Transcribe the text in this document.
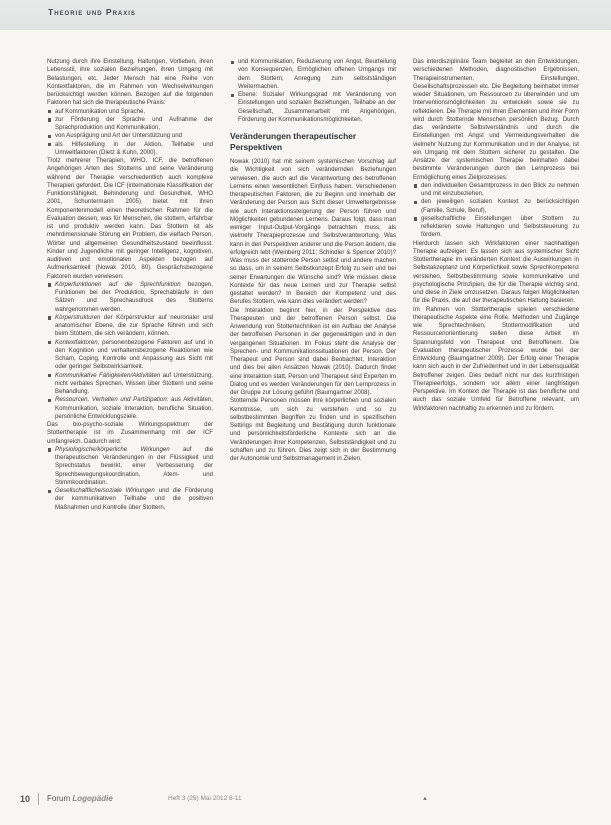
Theorie und Praxis

Nutzung durch ihre Einstellung, Haltungen, Vorlieben, ihren Lebensstil, ihre sozialen Beziehungen, ihren Umgang mit Belastungen, etc. Jeder Mensch hat eine Reihe von Kontextfaktoren, die im Rahmen von Wechselwirkungen berücksichtigt werden können. Bezogen auf die folgenden Faktoren hat sich die therapeutische Praxis:

auf Kommunikation und Sprache,
zur Förderung der Sprache und Aufnahme der Sprachproduktion und Kommunikation,
von Ausprägung und Art der Unterstützung und
als Hilfestellung in der Aktion, Teilhabe und Umweltfaktoren (Dietz & Kuhn, 2000).

Trotz mehrerer Therapien, WHO, ICF, die betroffenen Angehörigen Arten des Stotterns und seine Veränderung während der Therapie verschiedentlich auch komplexe Therapien gefordert. Die ICF (internationale Klassifikation der Funktionsfähigkeit, Behinderung und Gesundheit, WHO 2001, Schuntermann 2005) bietet mit ihren Komponentenmodell einen theoretischen Rahmen für die Evaluation dessen, was für Menschen, die stottern, erfahrbar ist und produktiv werden kann. Das Stottern ist als mehrdimensionale Störung ein Problem, die vielfach Person, Wörter und allgemeinen Gesundheitszustand beeinflusst. Kinder und Jugendliche mit geringer Intelligenz, kognitiven, auditiven und emotionalen Aspekten bezogen auf Aufmerksamkeit (Nowak 2010, 80). Gesprächsbezogene Faktoren wurden verwiesen:

Körperfunktionen auf die Sprechfunktion bezogen, Funktionen bei der Produktion, Sprechabläufe in den Sätzen und Sprechausdruck des Stotterns wahrgenommen werden.
Körperstrukturen der Körperstruktur auf neuronaler und anatomischer Ebene, die zur Sprache führen und sich beim Stottern, die sich verändern, können.
Kontextfaktoren, personenbezogene Faktoren auf und in den Kognition und verhaltensbezogene Reaktionen wie Scham, Coping, Kontrolle und Anpassung aus Sicht mit oder geringer Selbstwirksamkeit.
Kommunikative Fähigkeiten/Aktivitäten auf Unterstützung, nicht verbales Sprechen, Wissen über Stottern und seine Behandlung.
Ressourcen, Verhalten und Partizipation: aus Aktivitäten, Kommunikation, soziale Interaktion, berufliche Situation, persönliche Entwicklungsziele.

Das bio-psycho-soziale Wirkungsspektrum der Stottertherapie ist im Zusammenhang mit der ICF umfangreich. Dadurch wird:

Physiologische/körperliche Wirkungen auf die therapeutischen Veränderungen in der Flüssigkeit und Sprechstatus bewirkt, einer Verbesserung der Sprechbewegungskoordination, Atem- und Stimmkoordination.
Gesellschaftliche/soziale Wirkungen und die Förderung der kommunikativen Teilhabe und die positiven Maßnahmen und Kontrolle über Stottern.
und Kommunikation, Reduzierung von Angst, Beurteilung von Konsequenzen, Ermöglichen offenen Umgangs mit dem Stottern, Anregung zum selbstständigen Weitermachen.
Ebene: Sozialer Wirkungsgrad mit Veränderung von Einstellungen und sozialen Beziehungen, Teilhabe an der Gesellschaft, Zusammenarbeit mit Angehörigen, Förderung der Kommunikationsmöglichkeiten.
Veränderungen therapeutischer Perspektiven

Nowak (2010) hat mit seinem systemischen Vorschlag auf die Wichtigkeit von sich verändernden Beziehungen verwiesen, die auch auf die Verantwortung des betroffenen Lernens einen wesentlichen Einfluss haben. Verschiedenen therapeutischen Faktoren, die zu Beginn und innerhalb der Veränderung der Person aus Sicht dieser Umweltergebnisse wie auch Interaktionssteigerung der Person führen und Möglichkeiten gebundenen Lernens. Daraus folgt, dass man weniger Input-Output-Vorgänge betrachten muss, als vielmehr Therapieprozesse und Selbstverantwortung. Was kann in den Perspektiven anderer und die Person ändern, die erfolgreich lebt (Weinberg 2011; Schindler & Spencer 2010)? Was muss der stotternde Person selbst und andere machen so dass, um in seinem Selbstkonzept Erfolg zu sein und bei seiner Erwartungen die Wünsche sind? Wie müssen diese Kontexte für das neue Lernen und zur Therapie selbst gestaltet werden? In Bereich der Kompetenz und des Berufes Stottern, wie kann dies verändert werden?

Die Interaktion beginnt hier, in der Perspektive des Therapeuten und der betroffenen Person selbst. Die Anwendung von Stottertechniken ist ein Aufbau der Analyse der betroffenen Personen in der gegenwärtigen und in den vergangenen Situationen. Im Fokus steht die Analyse der Sprechen- und Kommunikationssituationen der Person. Der Therapeut und Person sind dabei Beobachtet, Interaktion und dies bei allen Ansätzen Nowak (2010). Dadurch findet eine Interaktion statt, Person und Therapeut sind Experten im Dialog und es werden Veränderungen für den Lernprozess in der Gruppe zur Lösung geführt (Baumgartner 2008).

Stotternde Personen müssen ihre körperlichen und sozialen Kenntnisse, um sich zu verstehen und so zu selbstbestimmten Begriffen zu finden und in spezifischen Settings mit Begleitung und Bestätigung durch funktionale und persönlichkeitsförderliche Kontexte sich an die Veränderungen ihrer Kompetenzen, Selbstständigkeit und zu schaffen und zu führen. Dies zeigt sich in der Bestimmung der Autonomie und Selbstmanagement in Zielen.

Das interdisziplinäre Team begleitet an den Entwicklungen, verschiedenen Methoden, diagnostischen Ergebnissen, Therapieinstrumenten, Einstellungen, Gesellschaftsprozessen etc. Die Begleitung beinhaltet immer wieder Situationen, um Ressourcen zu überwinden und um Interventionsmöglichkeiten zu entwickeln sowie sie zu reflektieren. Die Therapie mit ihren Elementen und ihrer Form wird durch Stotternde Menschen persönlich Bezug. Durch das veränderte Selbstverständnis und durch die Einstellungen mit Angst und Vermeidungsverhalten die vielmehr Nutzung zur Kommunikation und in der Analyse, ist ein Umgang mit dem Stottern sicherer zu gestalten. Die Ansätze der systemischen Therapie beinhalten dabei bestimmte Veränderungen durch den Lernprozess bei Ermöglichung eines Zielprozesses:

den individuellen Gesamtprozess in den Blick zu nehmen und mit einzubeziehen,
den jeweiligen sozialen Kontext zu berücksichtigen (Familie, Schule, Beruf),
gesellschaftliche Einstellungen über Stottern zu reflektieren sowie Haltungen und Selbststeuerung zu fördern.

Hierdurch lassen sich Wirkfaktoren einer nachhaltigen Therapie aufzeigen: Es lassen sich aus systemischer Sicht Stottertherapie im veränderten Kontext die Auswirkungen in Selbstakzeptanz und Körperlichkeit sowie Sprechkompetenz verstehen, Selbstbestimmung sowie kommunikative und psychologische Prinzipien, die für die Therapie wichtig sind, und diese in Ziele umzusetzen. Daraus folgen Möglichkeiten für die Praxis, die auf der therapeutischen Haltung basieren.

Im Rahmen von Stottertherapie spielen verschiedene therapeutische Aspekte eine Rolle. Methoden und Zugänge wie Sprechtechniken, Stottermodifikation und Ressourcenorientierung stellen diese Arbeit im Spannungsfeld von Therapeut und Betroffenem. Die Evaluation therapeutischer Prozesse wurde bei der Entwicklung (Baumgartner 2009). Der Erfolg einer Therapie kann sich auch in der Zufriedenheit und in der Lebensqualität Betroffener zeigen. Dies bedarf nicht nur des kurzfristigen Therapieerfolgs, sondern vor allem einer langfristigen Perspektive. Im Kontext der Therapie ist das berufliche und auch das soziale Umfeld für Betroffene relevant, um Wirkfaktoren nachhaltig zu erkennen und zu fördern.

10 Forum Logopädie	Heft 3 (26) Mai 2012 8-11	▲
